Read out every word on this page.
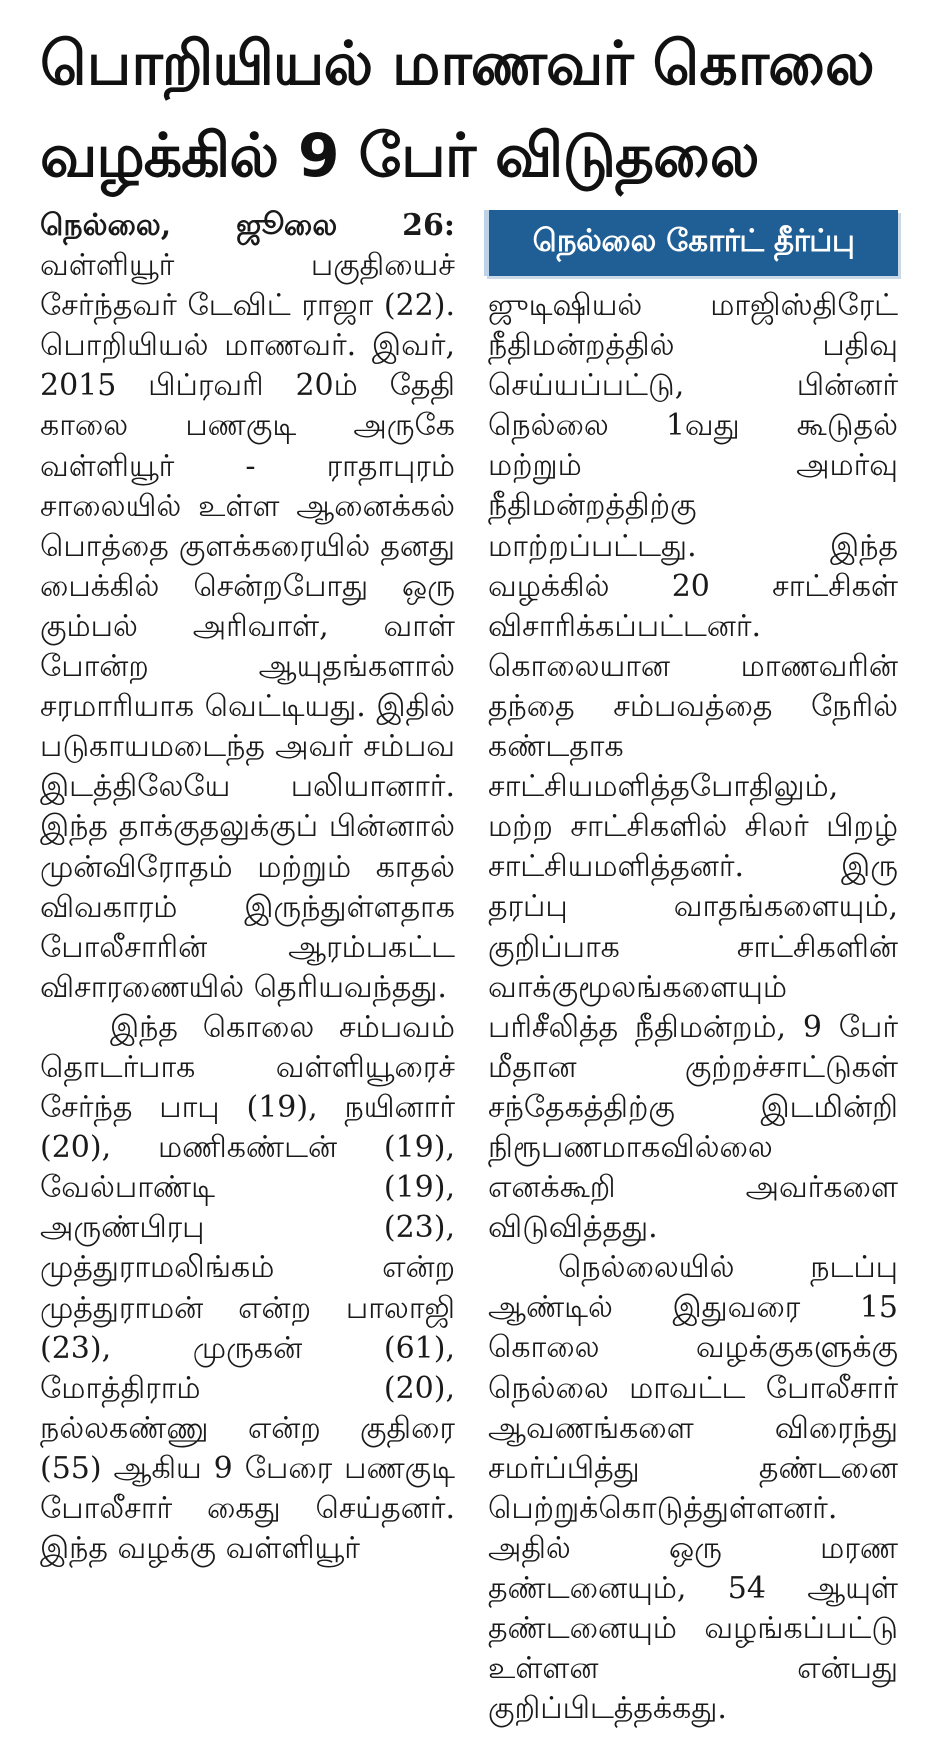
பொறியியல் மாணவர் கொலை
வழக்கில் 9 பேர் விடுதலை

நெல்லை, ஜூலை 26: வள்ளியூர் பகுதியைச் சேர்ந்தவர் டேவிட் ராஜா (22). பொறியியல் மாணவர். இவர், 2015 பிப்ரவரி 20ம் தேதி காலை பணகுடி அருகே வள்ளியூர் - ராதாபுரம் சாலையில் உள்ள ஆனைக்கல் பொத்தை குளக்கரையில் தனது பைக்கில் சென்றபோது ஒரு கும்பல் அரிவாள், வாள் போன்ற ஆயுதங்களால் சரமாரியாக வெட்டியது. இதில் படுகாயமடைந்த அவர் சம்பவ இடத்திலேயே பலியானார். இந்த தாக்குதலுக்குப் பின்னால் முன்விரோதம் மற்றும் காதல் விவகாரம் இருந்துள்ளதாக போலீசாரின் ஆரம்பகட்ட விசாரணையில் தெரியவந்தது.

இந்த கொலை சம்பவம் தொடர்பாக வள்ளியூரைச் சேர்ந்த பாபு (19), நயினார் (20), மணிகண்டன் (19), வேல்பாண்டி (19), அருண்பிரபு (23), முத்துராமலிங்கம் என்ற முத்துராமன் என்ற பாலாஜி (23), முருகன் (61), மோத்திராம் (20), நல்லகண்ணு என்ற குதிரை (55) ஆகிய 9 பேரை பணகுடி போலீசார் கைது செய்தனர். இந்த வழக்கு வள்ளியூர்

நெல்லை கோர்ட் தீர்ப்பு

ஜுடிஷியல் மாஜிஸ்திரேட் நீதிமன்றத்தில் பதிவு செய்யப்பட்டு, பின்னர் நெல்லை 1வது கூடுதல் மற்றும் அமர்வு நீதிமன்றத்திற்கு மாற்றப்பட்டது. இந்த வழக்கில் 20 சாட்சிகள் விசாரிக்கப்பட்டனர். கொலையான மாணவரின் தந்தை சம்பவத்தை நேரில் கண்டதாக சாட்சியமளித்தபோதிலும், மற்ற சாட்சிகளில் சிலர் பிறழ் சாட்சியமளித்தனர். இரு தரப்பு வாதங்களையும், குறிப்பாக சாட்சிகளின் வாக்குமூலங்களையும் பரிசீலித்த நீதிமன்றம், 9 பேர் மீதான குற்றச்சாட்டுகள் சந்தேகத்திற்கு இடமின்றி நிரூபணமாகவில்லை எனக்கூறி அவர்களை விடுவித்தது.

நெல்லையில் நடப்பு ஆண்டில் இதுவரை 15 கொலை வழக்குகளுக்கு நெல்லை மாவட்ட போலீசார் ஆவணங்களை விரைந்து சமர்ப்பித்து தண்டனை பெற்றுக்கொடுத்துள்ளனர். அதில் ஒரு மரண தண்டனையும், 54 ஆயுள் தண்டனையும் வழங்கப்பட்டு உள்ளன என்பது குறிப்பிடத்தக்கது.
